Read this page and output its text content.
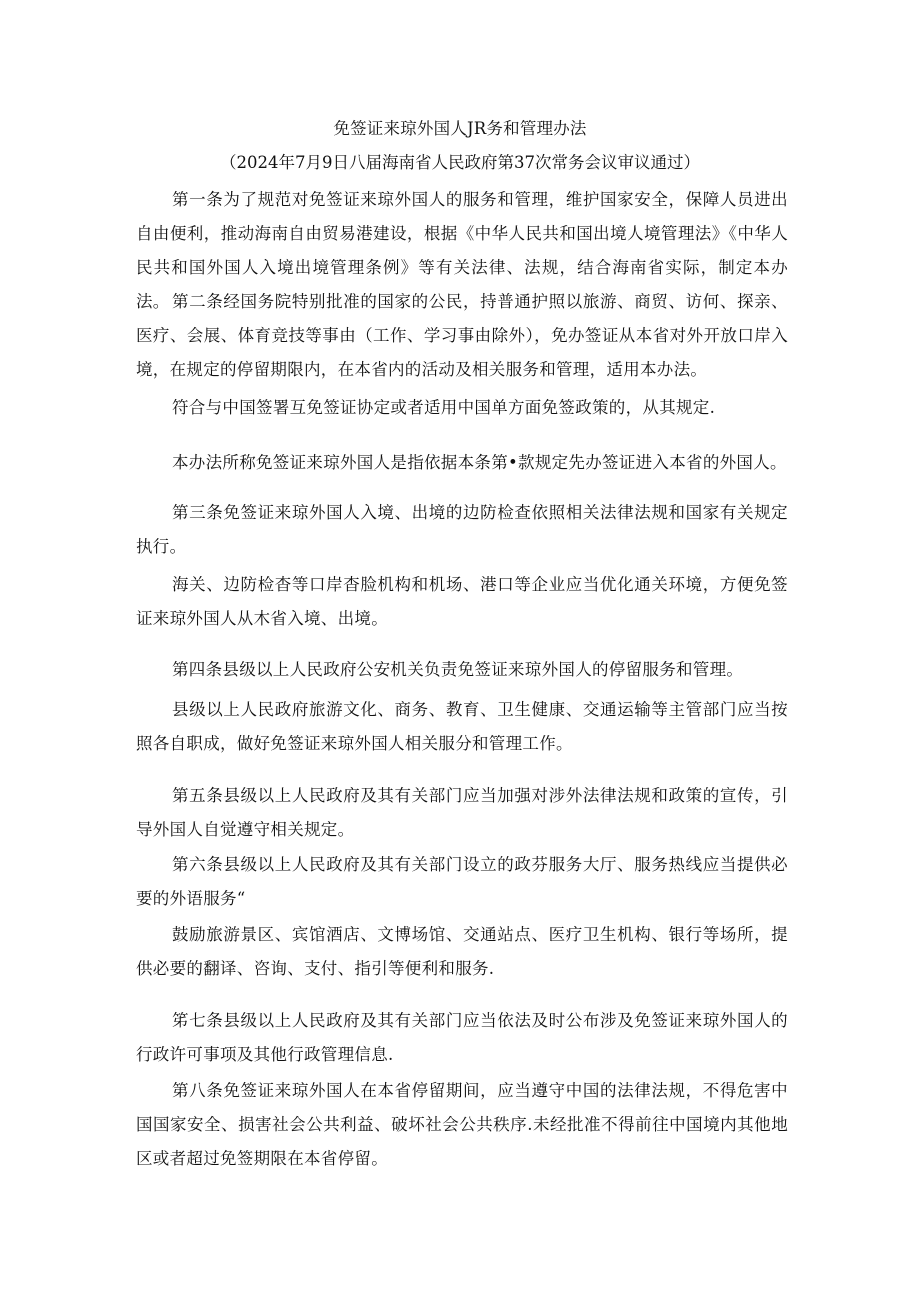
免签证来琼外国人JR务和管理办法
（2024年7月9日八届海南省人民政府第37次常务会议审议通过）

第一条为了规范对免签证来琼外国人的服务和管理，维护国家安全，保障人员进出自由便利，推动海南自由贸易港建设，根据《中华人民共和国出境人境管理法》《中华人民共和国外国人入境出境管理条例》等有关法律、法规，结合海南省实际，制定本办法。 第二条经国务院特别批准的国家的公民，持普通护照以旅游、商贸、访何、探亲、医疗、会展、体育竞技等事由（工作、学习事由除外），免办签证从本省对外开放口岸入境，在规定的停留期限内，在本省内的活动及相关服务和管理，适用本办法。

符合与中国签署互免签证协定或者适用中国单方面免签政策的，从其规定.

本办法所称免签证来琼外国人是指依据本条第•款规定先办签证进入本省的外国人。

第三条免签证来琼外国人入境、出境的边防检查依照相关法律法规和国家有关规定执行。

海关、边防检杳等口岸杳脸机构和机场、港口等企业应当优化通关环境，方便免签证来琼外国人从木省入境、出境。

第四条县级以上人民政府公安机关负责免签证来琼外国人的停留服务和管理。

县级以上人民政府旅游文化、商务、教育、卫生健康、交通运输等主管部门应当按照各自职成，做好免签证来琼外国人相关服分和管理工作。

第五条县级以上人民政府及其有关部门应当加强对涉外法律法规和政策的宣传，引导外国人自觉遵守相关规定。

第六条县级以上人民政府及其有关部门设立的政芬服务大厅、服务热线应当提供必要的外语服务“

鼓励旅游景区、宾馆酒店、文博场馆、交通站点、医疗卫生机构、银行等场所，提供必要的翻译、咨询、支付、指引等便利和服务.

笫七条县级以上人民政府及其有关部门应当依法及时公布涉及免签证来琼外国人的行政许可事项及其他行政管理信息.

第八条免签证来琼外国人在本省停留期间，应当遵守中国的法律法规，不得危害中国国家安全、损害社会公共利益、破坏社会公共秩序.未经批准不得前往中国境内其他地区或者超过免签期限在本省停留。
